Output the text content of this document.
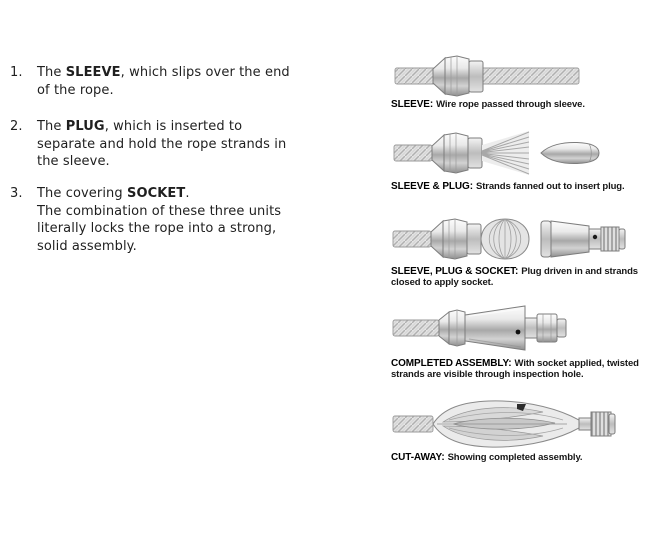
1.	The SLEEVE, which slips over the end
of the rope.
2.	The PLUG, which is inserted to
separate and hold the rope strands in
the sleeve.
3.	The covering SOCKET.
The combination of these three units
literally locks the rope into a strong,
solid assembly.
SLEEVE: Wire rope passed through sleeve.
SLEEVE & PLUG: Strands fanned out to insert plug.
SLEEVE, PLUG & SOCKET: Plug driven in and strands closed to apply socket.
COMPLETED ASSEMBLY: With socket applied, twisted strands are visible through inspection hole.
CUT-AWAY: Showing completed assembly.
